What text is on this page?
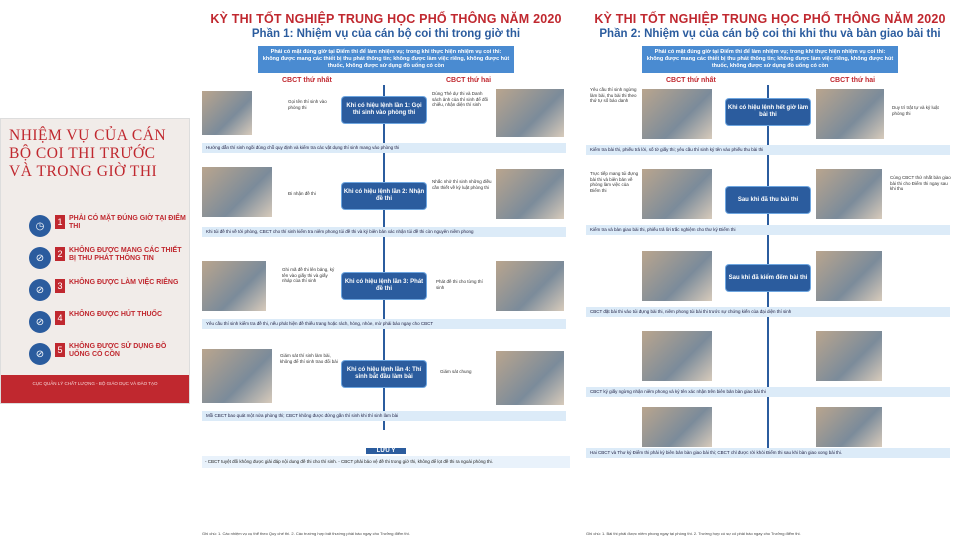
NHIỆM VỤ CỦA CÁN BỘ COI THI TRƯỚC VÀ TRONG GIỜ THI
◷	1 PHẢI CÓ MẶT ĐÚNG GIỜ TẠI ĐIỂM THI
⊘	2 KHÔNG ĐƯỢC MANG CÁC THIẾT BỊ THU PHÁT THÔNG TIN
⊘	3 KHÔNG ĐƯỢC LÀM VIỆC RIÊNG
⊘	4 KHÔNG ĐƯỢC HÚT THUỐC
⊘	5 KHÔNG ĐƯỢC SỬ DỤNG ĐỒ UỐNG CÓ CỒN
CỤC QUẢN LÝ CHẤT LƯỢNG - BỘ GIÁO DỤC VÀ ĐÀO TẠO
KỲ THI TỐT NGHIỆP TRUNG HỌC PHỔ THÔNG NĂM 2020
Phần 1: Nhiệm vụ của cán bộ coi thi trong giờ thi
Phải có mặt đúng giờ tại Điểm thi để làm nhiệm vụ; trong khi thực hiện nhiệm vụ coi thi: không được mang các thiết bị thu phát thông tin; không được làm việc riêng, không được hút thuốc, không được sử dụng đồ uống có cồn
CBCT thứ nhất	CBCT thứ hai
Gọi tên thí sinh vào phòng thi	Khi có hiệu lệnh lần 1: Gọi thí sinh vào phòng thi
Dùng Thẻ dự thi và Danh sách ảnh của thí sinh để đối chiếu, nhận diện thí sinh
Hướng dẫn thí sinh ngồi đúng chỗ quy định và kiểm tra các vật dụng thí sinh mang vào phòng thi
Đi nhận đề thi	Khi có hiệu lệnh lần 2: Nhận đề thi
Nhắc nhở thí sinh những điều cần thiết về kỷ luật phòng thi
Khi túi đề thi về tới phòng, CBCT cho thí sinh kiểm tra niêm phong túi đề thi và ký biên bản xác nhận túi đề thi còn nguyên niêm phong
Ghi mã đề thi lên bảng, ký tên vào giấy thi và giấy nháp của thí sinh	Khi có hiệu lệnh lần 3: Phát đề thi
Phát đề thi cho từng thí sinh
Yêu cầu thí sinh kiểm tra đề thi, nếu phát hiện đề thiếu trang hoặc rách, hỏng, nhòe, mờ phải báo ngay cho CBCT
Giám sát thí sinh làm bài, không để thí sinh trao đổi bài
Khi có hiệu lệnh lần 4: Thí sinh bắt đầu làm bài
Giám sát chung
Mỗi CBCT bao quát một nửa phòng thi; CBCT không được đứng gần thí sinh khi thí sinh làm bài
LƯU Ý
- CBCT tuyệt đối không được giải đáp nội dung đề thi cho thí sinh. - CBCT phải bảo vệ đề thi trong giờ thi, không để lọt đề thi ra ngoài phòng thi.
Ghi chú: 1. Các nhiệm vụ cụ thể theo Quy chế thi. 2. Các trường hợp bất thường phải báo ngay cho Trưởng điểm thi.
KỲ THI TỐT NGHIỆP TRUNG HỌC PHỔ THÔNG NĂM 2020
Phần 2: Nhiệm vụ của cán bộ coi thi khi thu và bàn giao bài thi
Phải có mặt đúng giờ tại Điểm thi để làm nhiệm vụ; trong khi thực hiện nhiệm vụ coi thi: không được mang các thiết bị thu phát thông tin; không được làm việc riêng, không được hút thuốc, không được sử dụng đồ uống có cồn
CBCT thứ nhất	CBCT thứ hai
Yêu cầu thí sinh ngừng làm bài, thu bài thi theo thứ tự số báo danh
Khi có hiệu lệnh hết giờ làm bài thi
Duy trì trật tự và kỷ luật phòng thi
Kiểm tra bài thi, phiếu trả lời, số tờ giấy thi; yêu cầu thí sinh ký tên vào phiếu thu bài thi
Trực tiếp mang túi đựng bài thi và biên bản về phòng làm việc của Điểm thi
Sau khi đã thu bài thi
Cùng CBCT thứ nhất bàn giao bài thi cho Điểm thi ngay sau khi thu
Kiểm tra và bàn giao bài thi, phiếu trả lời trắc nghiệm cho thư ký Điểm thi
Sau khi đã kiểm đếm bài thi
CBCT đặt bài thi vào túi đựng bài thi, niêm phong túi bài thi trước sự chứng kiến của đại diện thí sinh
CBCT ký giấy ngừng nhận niêm phong và ký tên xác nhận trên biên bản bàn giao bài thi
Hai CBCT và Thư ký Điểm thi phải ký biên bản bàn giao bài thi; CBCT chỉ được rời khỏi Điểm thi sau khi bàn giao xong bài thi.
Ghi chú: 1. Bài thi phải được niêm phong ngay tại phòng thi. 2. Trường hợp có sự cố phải báo ngay cho Trưởng điểm thi.
